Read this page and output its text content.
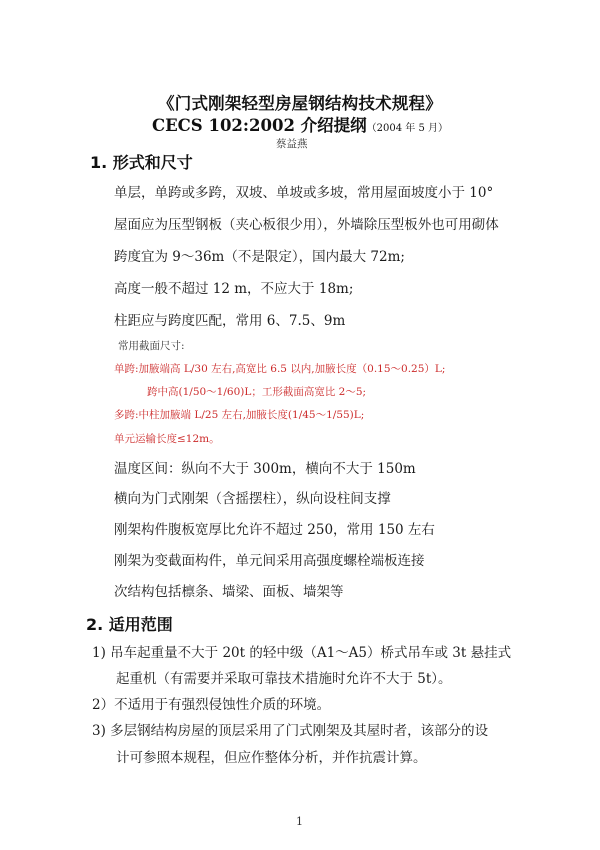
《门式刚架轻型房屋钢结构技术规程》
CECS 102:2002 介绍提纲（2004 年 5 月）
蔡益燕
1. 形式和尺寸
单层，单跨或多跨，双坡、单坡或多坡，常用屋面坡度小于 10°
屋面应为压型钢板（夹心板很少用），外墙除压型板外也可用砌体
跨度宜为 9～36m（不是限定），国内最大 72m;
高度一般不超过 12 m，不应大于 18m;
柱距应与跨度匹配，常用 6、7.5、9m
常用截面尺寸:
单跨:加腋端高 L/30 左右,高宽比 6.5 以内,加腋长度（0.15～0.25）L;
跨中高(1/50～1/60)L；工形截面高宽比 2～5;
多跨:中柱加腋端 L/25 左右,加腋长度(1/45～1/55)L;
单元运输长度≤12m。
温度区间：纵向不大于 300m，横向不大于 150m
横向为门式刚架（含摇摆柱），纵向设柱间支撑
刚架构件腹板宽厚比允许不超过 250，常用 150 左右
刚架为变截面构件，单元间采用高强度螺栓端板连接
次结构包括檩条、墙梁、面板、墙架等
2. 适用范围
1) 吊车起重量不大于 20t 的轻中级（A1～A5）桥式吊车或 3t 悬挂式
起重机（有需要并采取可靠技术措施时允许不大于 5t）。
2）不适用于有强烈侵蚀性介质的环境。
3) 多层钢结构房屋的顶层采用了门式刚架及其屋时者，该部分的设
计可参照本规程，但应作整体分析，并作抗震计算。
1
